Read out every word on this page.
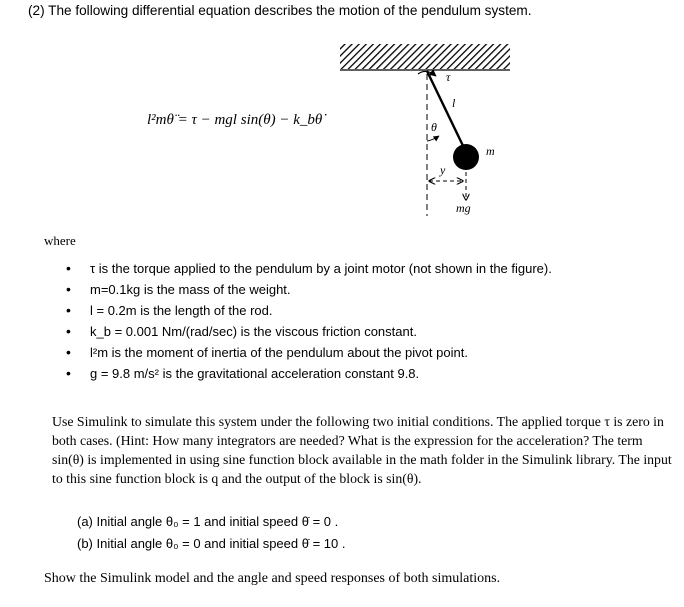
(2) The following differential equation describes the motion of the pendulum system.
l²mθ̈ = τ − mgl sin(θ) − k_bθ̇
τ
l
θ
m
y
mg
where
• τ is the torque applied to the pendulum by a joint motor (not shown in the figure).
• m=0.1kg is the mass of the weight.
• l = 0.2m is the length of the rod.
• k_b = 0.001 Nm/(rad/sec) is the viscous friction constant.
• l²m is the moment of inertia of the pendulum about the pivot point.
• g = 9.8 m/s² is the gravitational acceleration constant 9.8.

Use Simulink to simulate this system under the following two initial conditions. The applied torque τ is zero in both cases. (Hint: How many integrators are needed? What is the expression for the acceleration? The term sin(θ) is implemented in using sine function block available in the math folder in the Simulink library. The input to this sine function block is q and the output of the block is sin(θ).

(a) Initial angle θ₀ = 1 and initial speed θ̇ = 0 .
(b) Initial angle θ₀ = 0 and initial speed θ̇ = 10 .
Show the Simulink model and the angle and speed responses of both simulations.
